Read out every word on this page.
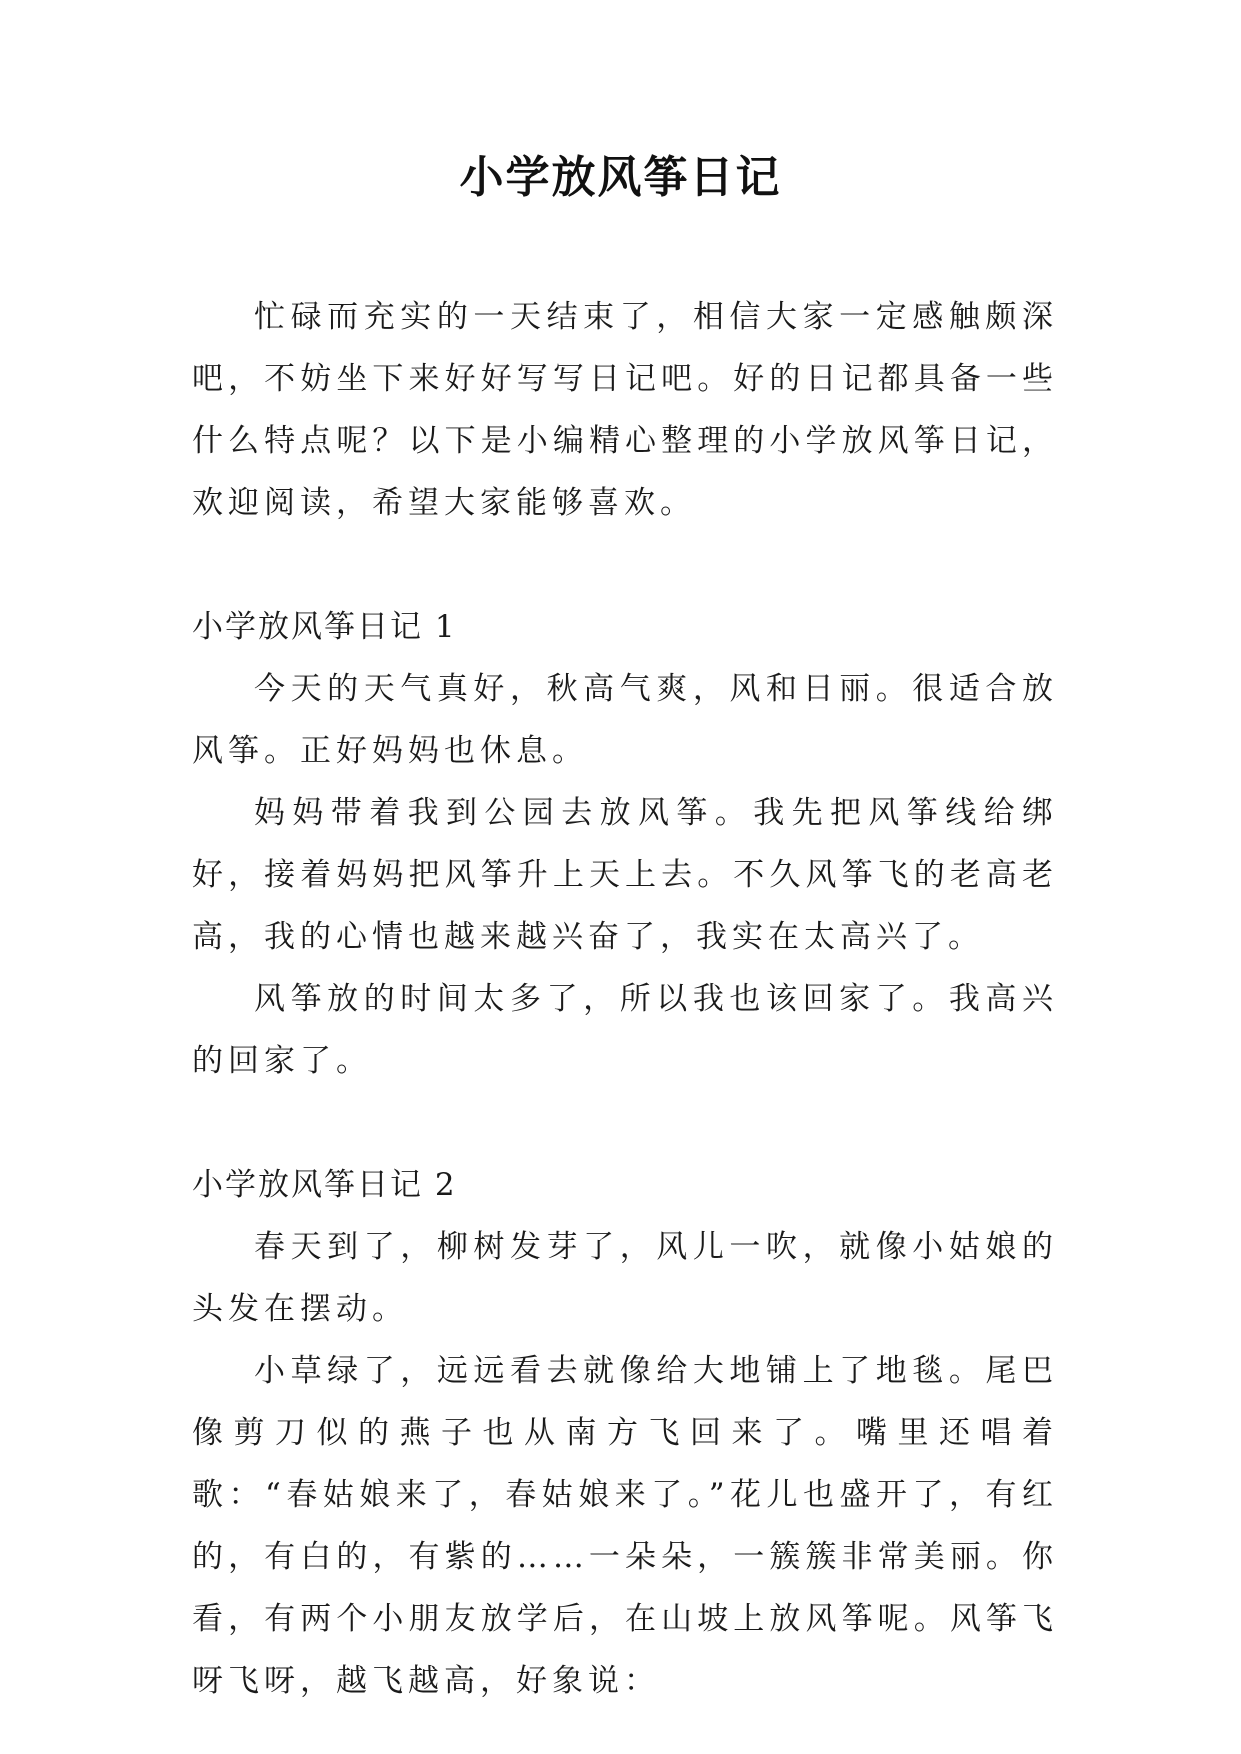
小学放风筝日记

忙碌而充实的一天结束了，相信大家一定感触颇深吧，不妨坐下来好好写写日记吧。好的日记都具备一些什么特点呢？以下是小编精心整理的小学放风筝日记，欢迎阅读，希望大家能够喜欢。

小学放风筝日记 1

今天的天气真好，秋高气爽，风和日丽。很适合放风筝。正好妈妈也休息。

妈妈带着我到公园去放风筝。我先把风筝线给绑好，接着妈妈把风筝升上天上去。不久风筝飞的老高老高，我的心情也越来越兴奋了，我实在太高兴了。

风筝放的时间太多了，所以我也该回家了。我高兴的回家了。

小学放风筝日记 2

春天到了，柳树发芽了，风儿一吹，就像小姑娘的头发在摆动。

小草绿了，远远看去就像给大地铺上了地毯。尾巴像剪刀似的燕子也从南方飞回来了。嘴里还唱着歌：“春姑娘来了，春姑娘来了。”花儿也盛开了，有红的，有白的，有紫的……一朵朵，一簇簇非常美丽。你看，有两个小朋友放学后，在山坡上放风筝呢。风筝飞呀飞呀，越飞越高，好象说：
